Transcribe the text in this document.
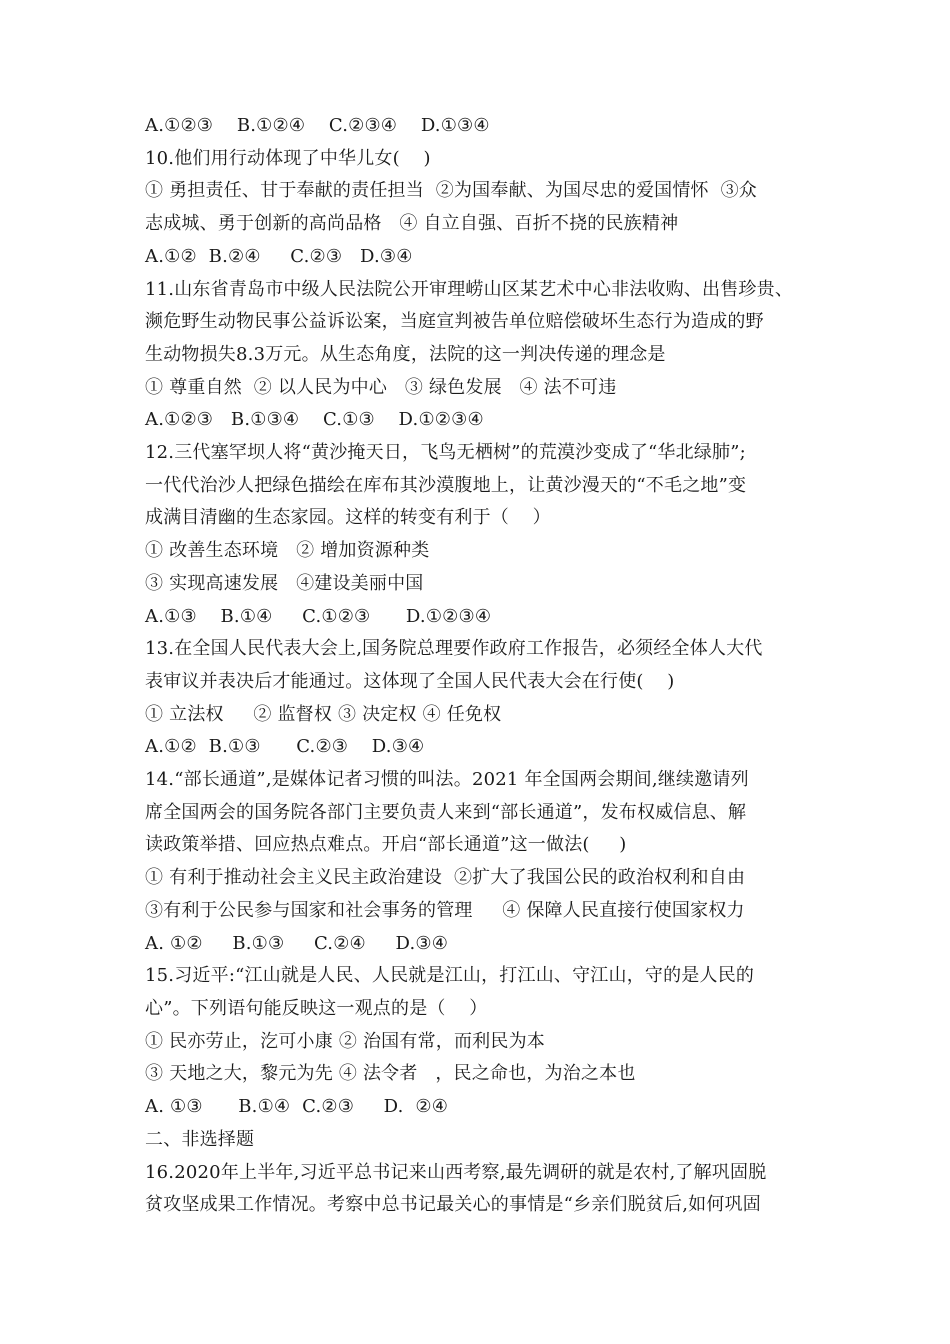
A.①②③    B.①②④    C.②③④    D.①③④
10.他们用行动体现了中华儿女(    )
① 勇担责任、甘于奉献的责任担当  ②为国奉献、为国尽忠的爱国情怀  ③众
志成城、勇于创新的高尚品格   ④ 自立自强、百折不挠的民族精神
A.①②  B.②④     C.②③   D.③④
11.山东省青岛市中级人民法院公开审理崂山区某艺术中心非法收购、出售珍贵、
濒危野生动物民事公益诉讼案，当庭宣判被告单位赔偿破坏生态行为造成的野
生动物损失8.3万元。从生态角度，法院的这一判决传递的理念是
① 尊重自然  ② 以人民为中心   ③ 绿色发展   ④ 法不可违
A.①②③   B.①③④    C.①③    D.①②③④
12.三代塞罕坝人将“黄沙掩天日，飞鸟无栖树”的荒漠沙变成了“华北绿肺”;
一代代治沙人把绿色描绘在库布其沙漠腹地上，让黄沙漫天的“不毛之地”变
成满目清幽的生态家园。这样的转变有利于（    ）
① 改善生态环境   ② 增加资源种类
③ 实现高速发展   ④建设美丽中国
A.①③    B.①④     C.①②③      D.①②③④
13.在全国人民代表大会上,国务院总理要作政府工作报告，必须经全体人大代
表审议并表决后才能通过。这体现了全国人民代表大会在行使(    )
① 立法权     ② 监督权 ③ 决定权 ④ 任免权
A.①②  B.①③      C.②③    D.③④
14.“部长通道”,是媒体记者习惯的叫法。2021 年全国两会期间,继续邀请列
席全国两会的国务院各部门主要负责人来到“部长通道”，发布权威信息、解
读政策举措、回应热点难点。开启“部长通道”这一做法(     )
① 有利于推动社会主义民主政治建设  ②扩大了我国公民的政治权利和自由
③有利于公民参与国家和社会事务的管理     ④ 保障人民直接行使国家权力
A. ①②     B.①③     C.②④     D.③④
15.习近平:“江山就是人民、人民就是江山，打江山、守江山，守的是人民的
心”。下列语句能反映这一观点的是（    ）
① 民亦劳止，汔可小康 ② 治国有常，而利民为本
③ 天地之大，黎元为先 ④ 法令者   ，民之命也，为治之本也
A. ①③      B.①④  C.②③     D.  ②④
二、非选择题
16.2020年上半年,习近平总书记来山西考察,最先调研的就是农村,了解巩固脱
贫攻坚成果工作情况。考察中总书记最关心的事情是“乡亲们脱贫后,如何巩固
